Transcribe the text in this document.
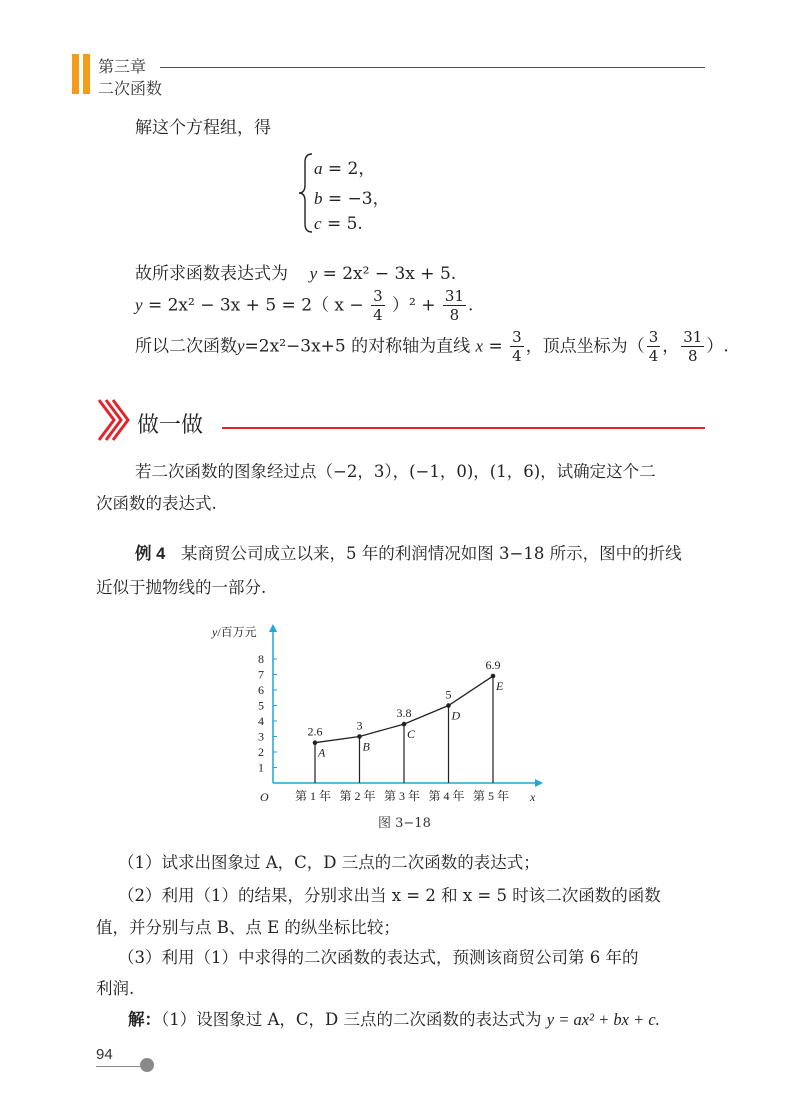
第三章
二次函数
解这个方程组，得
a = 2，
b = −3，
c = 5.
故所求函数表达式为 y = 2x² − 3x + 5.
y = 2x² − 3x + 5 = 2（ $x - \frac{3}{4} )^2 + \frac{31}{8}$ .
所以二次函数y=2x²−3x+5 的对称轴为直线 $x = \frac{3}{4}$ ，顶点坐标为（ $\frac{3}{4}$ ， $\frac{31}{8}$ ）.
做一做
若二次函数的图象经过点（−2，3），(−1，0)，(1，6)，试确定这个二
次函数的表达式.
例 4 某商贸公司成立以来，5 年的利润情况如图 3−18 所示，图中的折线
近似于抛物线的一部分.
y/百万元
x
O
1
2
3
4
5
6
7
8
第 1 年 第 2 年 第 3 年 第 4 年 第 5 年
2.6
A
3
B
3.8
C
5
D
6.9
E
图 3−18
（1）试求出图象过 A，C，D 三点的二次函数的表达式；
（2）利用（1）的结果，分别求出当 x = 2 和 x = 5 时该二次函数的函数
值，并分别与点 B、点 E 的纵坐标比较；
（3）利用（1）中求得的二次函数的表达式，预测该商贸公司第 6 年的
利润.
解：（1）设图象过 A，C，D 三点的二次函数的表达式为 y = ax² + bx + c.
94
